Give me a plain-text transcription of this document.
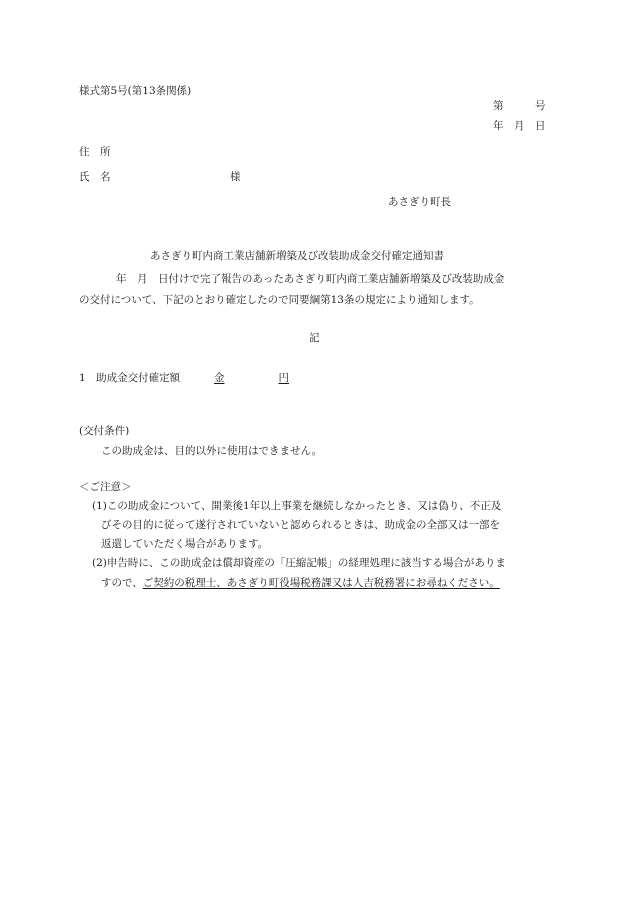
様式第5号(第13条関係)
第　　　号
年　月　日
住　所
氏　名	様
あさぎり町長
あさぎり町内商工業店舗新増築及び改装助成金交付確定通知書
年　月　日付けで完了報告のあったあさぎり町内商工業店舗新増築及び改装助成金
の交付について、下記のとおり確定したので同要綱第13条の規定により通知します。
記
1　助成金交付確定額	金	円
(交付条件)
この助成金は、目的以外に使用はできません。
＜ご注意＞
(1)この助成金について、開業後1年以上事業を継続しなかったとき、又は偽り、不正及
びその目的に従って遂行されていないと認められるときは、助成金の全部又は一部を
返還していただく場合があります。
(2)申告時に、この助成金は償却資産の「圧縮記帳」の経理処理に該当する場合がありま
すので、ご契約の税理士、あさぎり町役場税務課又は人吉税務署にお尋ねください。
